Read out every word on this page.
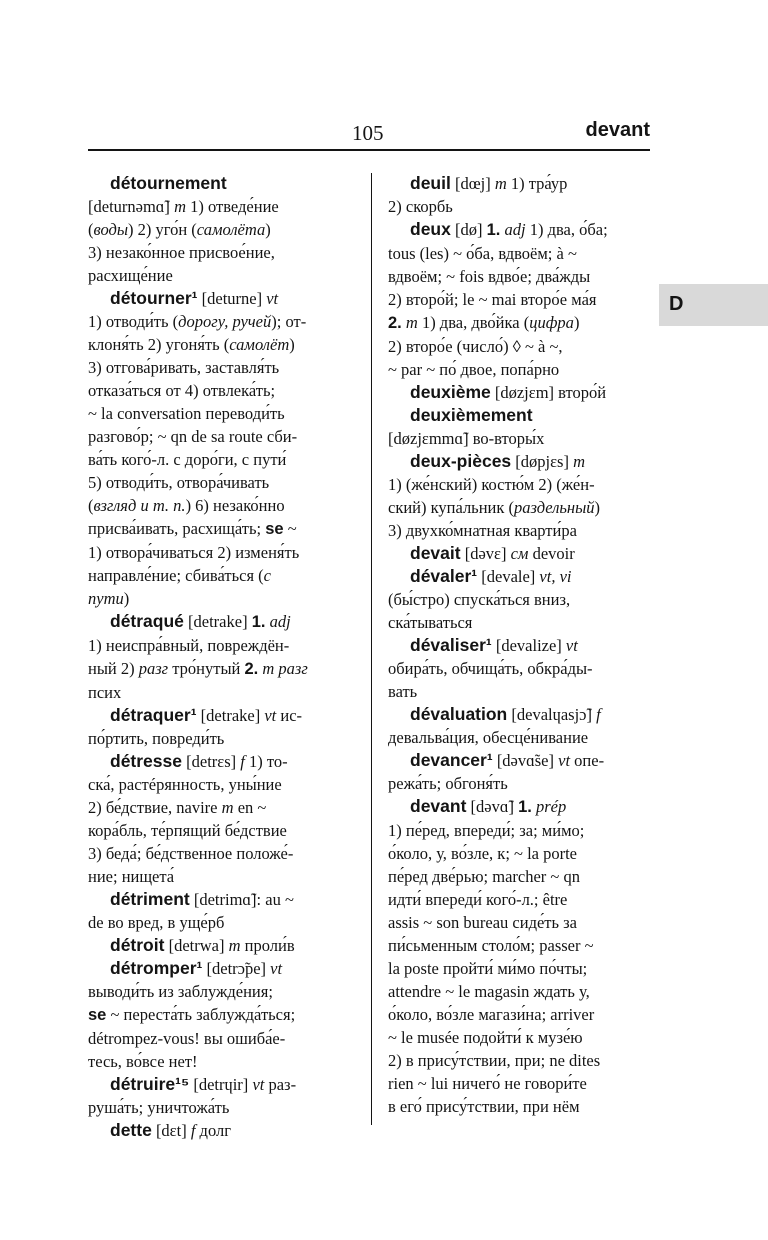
105	devant
D
détournement
[deturnəmɑ̃] m 1) отведе́ние
(воды) 2) уго́н (самолёта)
3) незако́нное присвое́ние,
расхище́ние
détourner¹ [deturne] vt
1) отводи́ть (дорогу, ручей); от-
клоня́ть 2) угоня́ть (самолёт)
3) отгова́ривать, заставля́ть
отказа́ться от 4) отвлека́ть;
~ la conversation переводи́ть
разгово́р; ~ qn de sa route сби-
ва́ть кого́-л. с доро́ги, с пути́
5) отводи́ть, отвора́чивать
(взгляд и т. п.) 6) незако́нно
присва́ивать, расхища́ть; se ~
1) отвора́чиваться 2) изменя́ть
направле́ние; сбива́ться (с
пути)
détraqué [detrake] 1. adj
1) неиспра́вный, повреждён-
ный 2) разг тро́нутый 2. m разг
псих
détraquer¹ [detrake] vt ис-
по́ртить, повреди́ть
détresse [detrɛs] f 1) то-
ска́, растéрянность, уны́ние
2) бе́дствие, navire m en ~
кора́бль, те́рпящий бе́дствие
3) беда́; бе́дственное положе́-
ние; нищета́
détriment [detrimɑ̃]: au ~
de во вред, в уще́рб
détroit [detrwa] m проли́в
détromper¹ [detrɔ̃pe] vt
выводи́ть из заблужде́ния;
se ~ переста́ть заблужда́ться;
détrompez-vous! вы ошиба́е-
тесь, во́все нет!
détruire¹⁵ [detrɥir] vt раз-
руша́ть; уничтожа́ть
dette [dɛt] f долг
deuil [dœj] m 1) тра́ур
2) скорбь
deux [dø] 1. adj 1) два, о́ба;
tous (les) ~ о́ба, вдвоём; à ~
вдвоём; ~ fois вдво́е; два́жды
2) второ́й; le ~ mai второ́е ма́я
2. m 1) два, дво́йка (цифра)
2) второ́е (число́) ◊ ~ à ~,
~ par ~ по́ двое, попа́рно
deuxième [døzjɛm] второ́й
deuxièmement
[døzjɛmmɑ̃] во-вторы́х
deux-pièces [døpjɛs] m
1) (же́нский) костю́м 2) (же́н-
ский) купа́льник (раздельный)
3) двухко́мнатная кварти́ра
devait [dəvɛ] см devoir
dévaler¹ [devale] vt, vi
(бы́стро) спуска́ться вниз,
ска́тываться
dévaliser¹ [devalize] vt
обира́ть, обчища́ть, обкра́ды-
вать
dévaluation [devalɥasjɔ̃] f
девальва́ция, обесце́нивание
devancer¹ [dəvɑ̃se] vt опе-
режа́ть; обгоня́ть
devant [dəvɑ̃] 1. prép
1) пе́ред, впереди́; за; ми́мо;
о́коло, у, во́зле, к; ~ la porte
пе́ред две́рью; marcher ~ qn
идти́ впереди́ кого́-л.; être
assis ~ son bureau сиде́ть за
пи́сьменным столо́м; passer ~
la poste пройти́ ми́мо по́чты;
attendre ~ le magasin ждать у,
о́коло, во́зле магази́на; arriver
~ le musée подойти́ к музе́ю
2) в прису́тствии, при; ne dites
rien ~ lui ничего́ не говори́те
в его́ прису́тствии, при нём
